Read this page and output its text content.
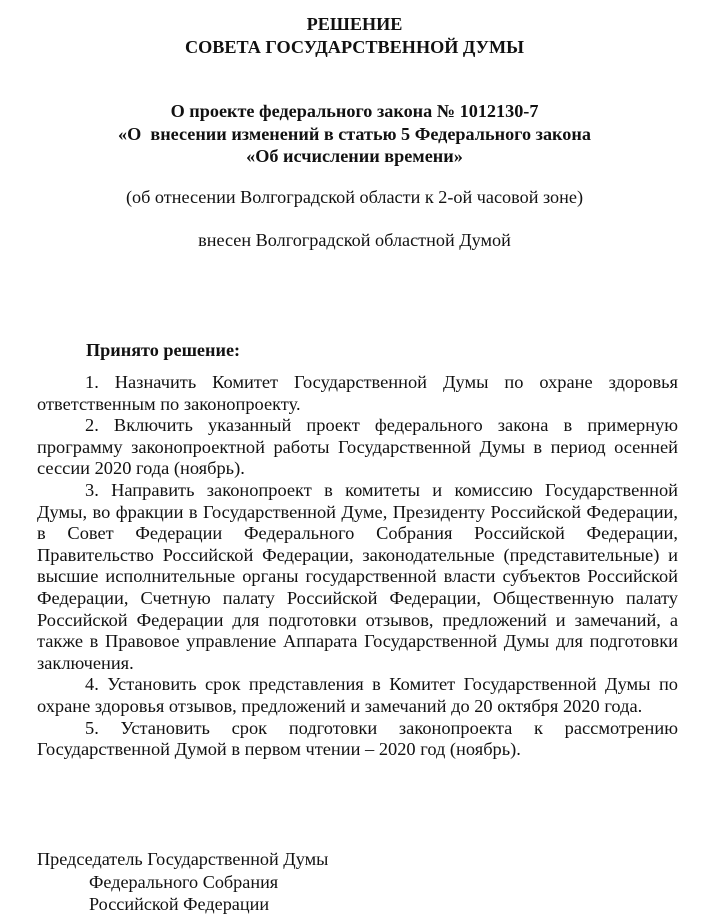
РЕШЕНИЕ
СОВЕТА ГОСУДАРСТВЕННОЙ ДУМЫ
О проекте федерального закона № 1012130-7
«О  внесении изменений в статью 5 Федерального закона
«Об исчислении времени»
(об отнесении Волгоградской области к 2-ой часовой зоне)
внесен Волгоградской областной Думой
Принято решение:

1. Назначить Комитет Государственной Думы по охране здоровья ответственным по законопроекту.

2. Включить указанный проект федерального закона в примерную программу законопроектной работы Государственной Думы в период осенней сессии 2020 года (ноябрь).

3. Направить законопроект в комитеты и комиссию Государственной Думы, во фракции в Государственной Думе, Президенту Российской Федерации, в Совет Федерации Федерального Собрания Российской Федерации, Правительство Российской Федерации, законодательные (представительные) и высшие исполнительные органы государственной власти субъектов Российской Федерации, Счетную палату Российской Федерации, Общественную палату Российской Федерации для подготовки отзывов, предложений и замечаний, а также в Правовое управление Аппарата Государственной Думы для подготовки заключения.

4. Установить срок представления в Комитет Государственной Думы по охране здоровья отзывов, предложений и замечаний до 20 октября 2020 года.

5. Установить срок подготовки законопроекта к рассмотрению Государственной Думой в первом чтении – 2020 год (ноябрь).

Председатель Государственной Думы
Федерального Собрания
Российской Федерации
